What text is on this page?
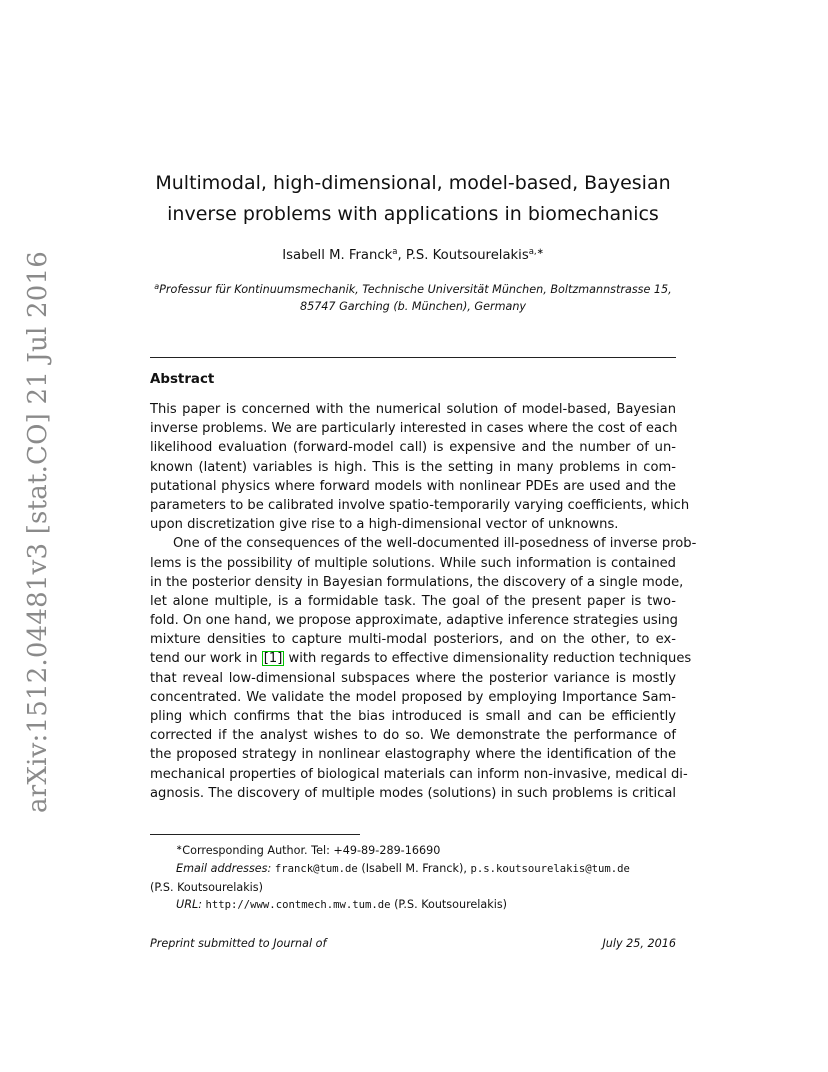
arXiv:1512.04481v3 [stat.CO] 21 Jul 2016
Multimodal, high-dimensional, model-based, Bayesian
inverse problems with applications in biomechanics
Isabell M. Franck$^a$, P.S. Koutsourelakis$^{a,∗}$
$^a$Professur für Kontinuumsmechanik, Technische Universität München, Boltzmannstrasse 15,
85747 Garching (b. München), Germany
Abstract
This paper is concerned with the numerical solution of model-based, Bayesian
inverse problems. We are particularly interested in cases where the cost of each
likelihood evaluation (forward-model call) is expensive and the number of un-
known (latent) variables is high. This is the setting in many problems in com-
putational physics where forward models with nonlinear PDEs are used and the
parameters to be calibrated involve spatio-temporarily varying coefficients, which
upon discretization give rise to a high-dimensional vector of unknowns.
One of the consequences of the well-documented ill-posedness of inverse prob-
lems is the possibility of multiple solutions. While such information is contained
in the posterior density in Bayesian formulations, the discovery of a single mode,
let alone multiple, is a formidable task. The goal of the present paper is two-
fold. On one hand, we propose approximate, adaptive inference strategies using
mixture densities to capture multi-modal posteriors, and on the other, to ex-
tend our work in [1] with regards to effective dimensionality reduction techniques
that reveal low-dimensional subspaces where the posterior variance is mostly
concentrated. We validate the model proposed by employing Importance Sam-
pling which confirms that the bias introduced is small and can be efficiently
corrected if the analyst wishes to do so. We demonstrate the performance of
the proposed strategy in nonlinear elastography where the identification of the
mechanical properties of biological materials can inform non-invasive, medical di-
agnosis. The discovery of multiple modes (solutions) in such problems is critical
∗Corresponding Author. Tel: +49-89-289-16690
Email addresses: franck@tum.de (Isabell M. Franck), p.s.koutsourelakis@tum.de
(P.S. Koutsourelakis)
URL: http://www.contmech.mw.tum.de (P.S. Koutsourelakis)
Preprint submitted to Journal of	July 25, 2016
